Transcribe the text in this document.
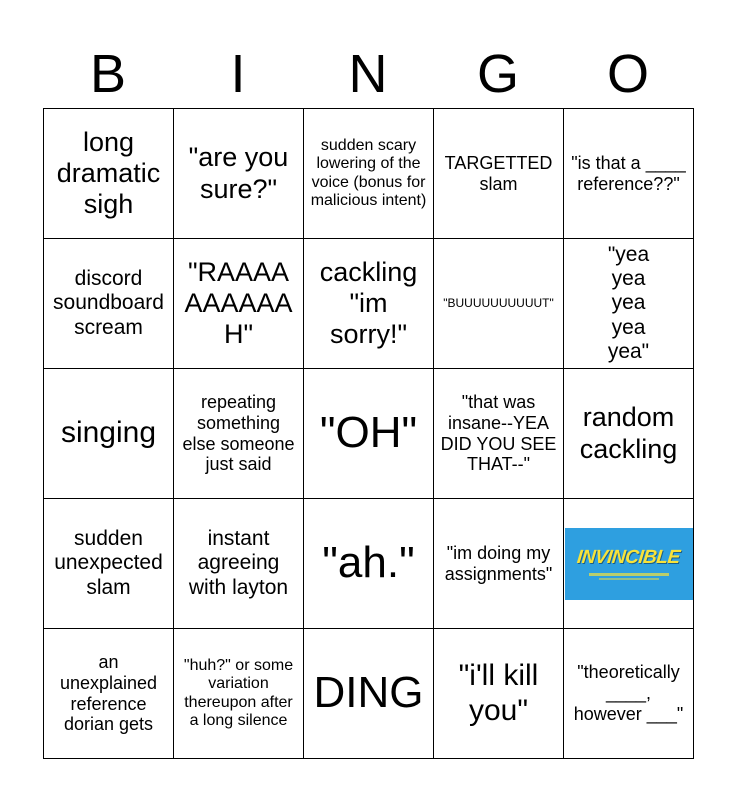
B	I	N	G	O
long dramatic sigh	"are you sure?"	sudden scary lowering of the voice (bonus for malicious intent)	TARGETTED slam	"is that a ____ reference??"
discord soundboard scream	"RAAAAAAAAAAH"	cackling "im sorry!"	"BUUUUUUUUUUT"	"yea yea yea yea yea"
singing	repeating something else someone just said	"OH"	"that was insane--YEA DID YOU SEE THAT--"	random cackling
sudden unexpected slam	instant agreeing with layton	"ah."	"im doing my assignments"	INVINCIBLE

an unexplained reference dorian gets	"huh?" or some variation thereupon after a long silence	DING	"i'll kill you"	"theoretically ____, however ___"
